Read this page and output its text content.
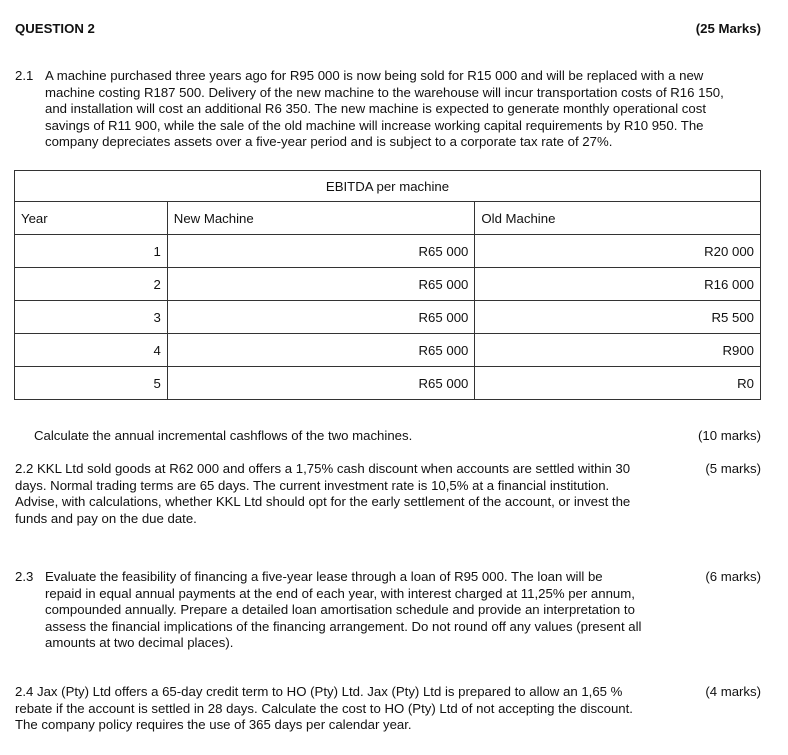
QUESTION 2	(25 Marks)
2.1 A machine purchased three years ago for R95 000 is now being sold for R15 000 and will be replaced with a new
machine costing R187 500. Delivery of the new machine to the warehouse will incur transportation costs of R16 150,
and installation will cost an additional R6 350. The new machine is expected to generate monthly operational cost
savings of R11 900, while the sale of the old machine will increase working capital requirements by R10 950. The
company depreciates assets over a five-year period and is subject to a corporate tax rate of 27%.
EBITDA per machine		
Year	New Machine	Old Machine
1	R65 000	R20 000
2	R65 000	R16 000
3	R65 000	R5 500
4	R65 000	R900
5	R65 000	R0
Calculate the annual incremental cashflows of the two machines.	(10 marks)
2.2 KKL Ltd sold goods at R62 000 and offers a 1,75% cash discount when accounts are settled within 30
days. Normal trading terms are 65 days. The current investment rate is 10,5% at a financial institution.
Advise, with calculations, whether KKL Ltd should opt for the early settlement of the account, or invest the
funds and pay on the due date.
(5 marks)
2.3 Evaluate the feasibility of financing a five-year lease through a loan of R95 000. The loan will be
repaid in equal annual payments at the end of each year, with interest charged at 11,25% per annum,
compounded annually. Prepare a detailed loan amortisation schedule and provide an interpretation to
assess the financial implications of the financing arrangement. Do not round off any values (present all
amounts at two decimal places).
(6 marks)
2.4 Jax (Pty) Ltd offers a 65-day credit term to HO (Pty) Ltd. Jax (Pty) Ltd is prepared to allow an 1,65 %
rebate if the account is settled in 28 days. Calculate the cost to HO (Pty) Ltd of not accepting the discount.
The company policy requires the use of 365 days per calendar year.
(4 marks)
